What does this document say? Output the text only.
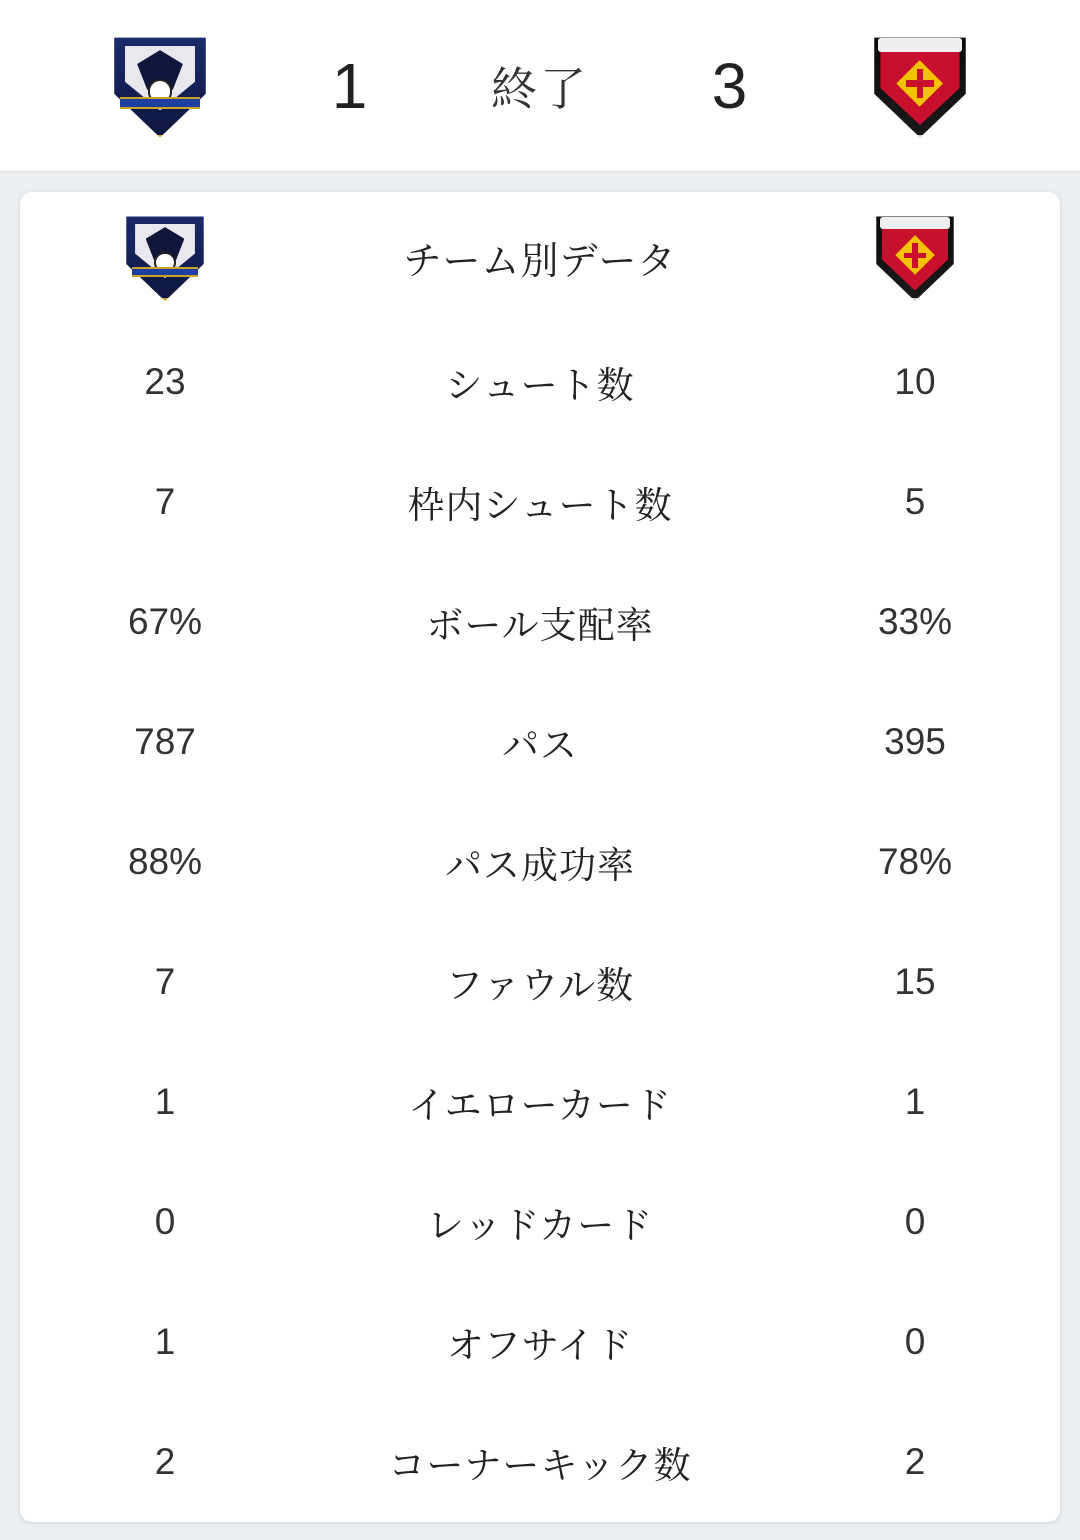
1	終了	3
チーム別データ
23	シュート数	10
7	枠内シュート数	5
67%	ボール支配率	33%
787	パス	395
88%	パス成功率	78%
7	ファウル数	15
1	イエローカード	1
0	レッドカード	0
1	オフサイド	0
2	コーナーキック数	2
